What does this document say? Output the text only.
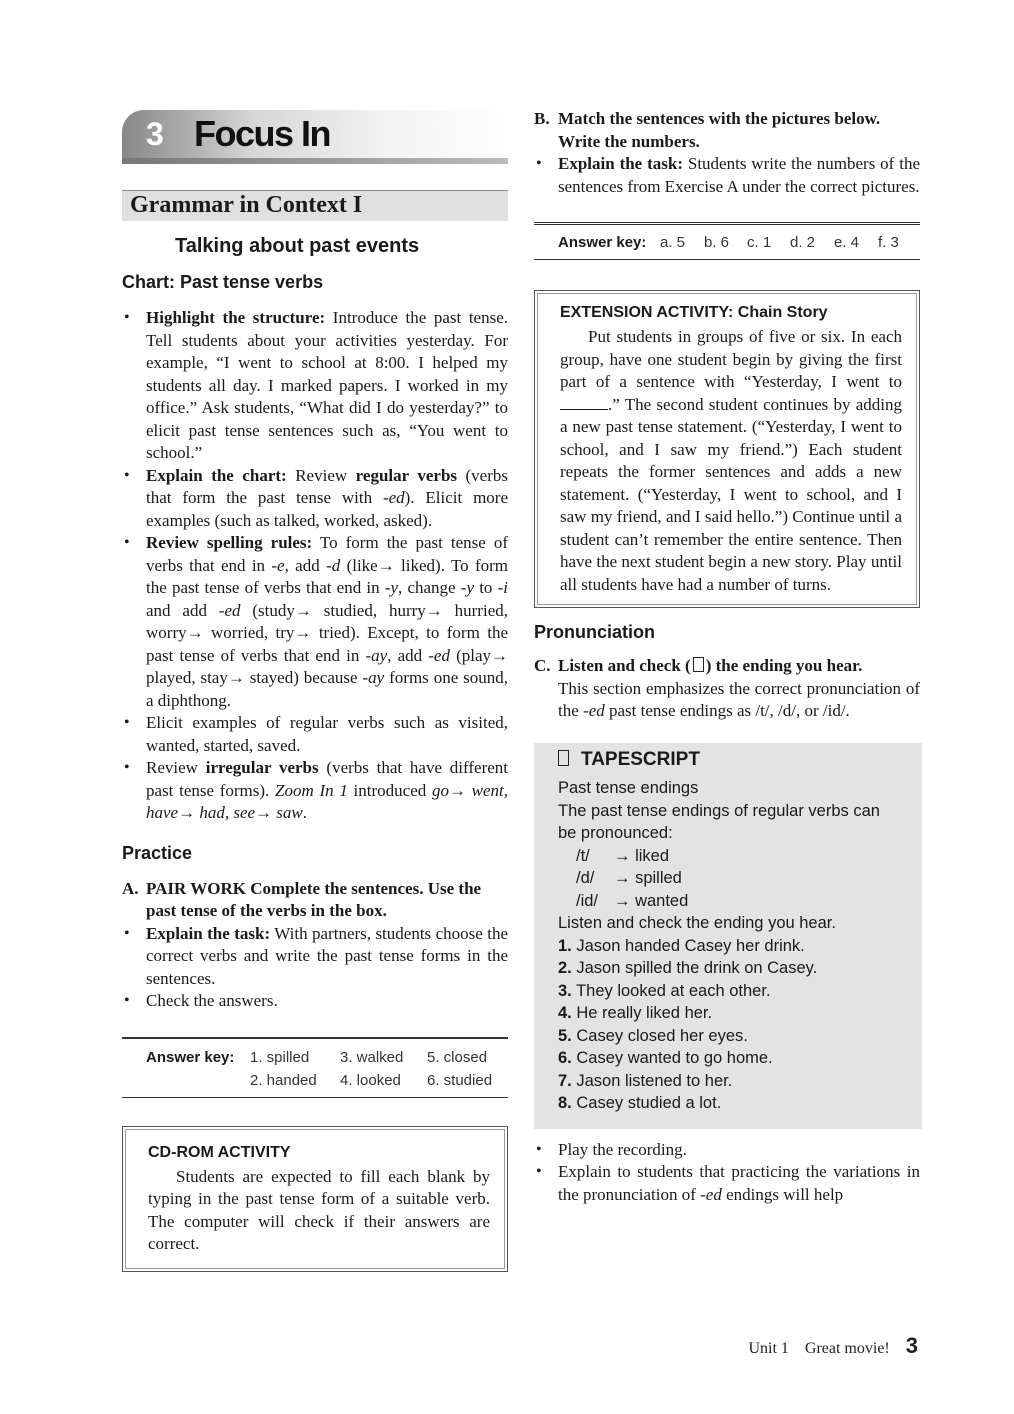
3 Focus In
Grammar in Context I
Talking about past events
Chart: Past tense verbs
• Highlight the structure: Introduce the past tense. Tell students about your activities yesterday. For example, “I went to school at 8:00. I helped my students all day. I marked papers. I worked in my office.” Ask students, “What did I do yesterday?” to elicit past tense sentences such as, “You went to school.”
• Explain the chart: Review regular verbs (verbs that form the past tense with -ed). Elicit more examples (such as talked, worked, asked).
• Review spelling rules: To form the past tense of verbs that end in -e, add -d (like→ liked). To form the past tense of verbs that end in -y, change -y to -i and add -ed (study→ studied, hurry→ hurried, worry→ worried, try→ tried). Except, to form the past tense of verbs that end in -ay, add -ed (play→ played, stay→ stayed) because -ay forms one sound, a diphthong.
• Elicit examples of regular verbs such as visited, wanted, started, saved.
• Review irregular verbs (verbs that have different past tense forms). Zoom In 1 introduced go→ went, have→ had, see→ saw.
Practice
A. PAIR WORK Complete the sentences. Use the past tense of the verbs in the box.
• Explain the task: With partners, students choose the correct verbs and write the past tense forms in the sentences.
• Check the answers.
Answer key: 1. spilled 3. walked 5. closed
2. handed 4. looked 6. studied
CD-ROM ACTIVITY

Students are expected to fill each blank by typing in the past tense form of a suitable verb. The computer will check if their answers are correct.

B. Match the sentences with the pictures below. Write the numbers.
• Explain the task: Students write the numbers of the sentences from Exercise A under the correct pictures.
Answer key: a. 5 b. 6 c. 1 d. 2 e. 4 f. 3
EXTENSION ACTIVITY: Chain Story

Put students in groups of five or six. In each group, have one student begin by giving the first part of a sentence with “Yesterday, I went to .” The second student continues by adding a new past tense statement. (“Yesterday, I went to school, and I saw my friend.”) Each student repeats the former sentences and adds a new statement. (“Yesterday, I went to school, and I saw my friend, and I said hello.”) Continue until a student can’t remember the entire sentence. Then have the next student begin a new story. Play until all students have had a number of turns.

Pronunciation
C. Listen and check ( ) the ending you hear.

This section emphasizes the correct pronunciation of the -ed past tense endings as /t/, /d/, or /id/.

TAPESCRIPT
Past tense endings
The past tense endings of regular verbs can be pronounced:
/t/ → liked
/d/ → spilled
/id/ → wanted
Listen and check the ending you hear.
1. Jason handed Casey her drink.
2. Jason spilled the drink on Casey.
3. They looked at each other.
4. He really liked her.
5. Casey closed her eyes.
6. Casey wanted to go home.
7. Jason listened to her.
8. Casey studied a lot.
• Play the recording.
• Explain to students that practicing the variations in the pronunciation of -ed endings will help
Unit 1 Great movie! 3
